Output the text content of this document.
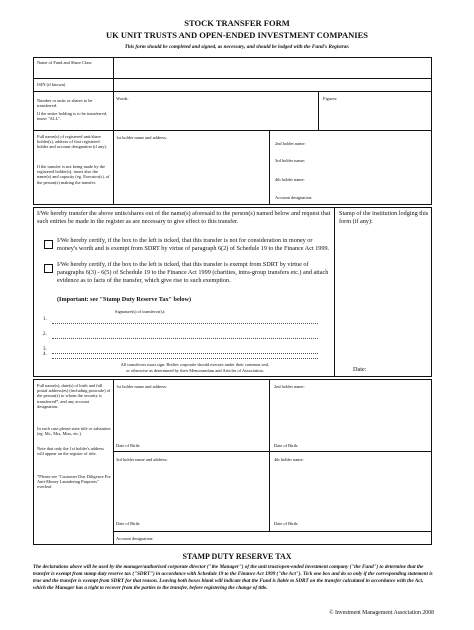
STOCK TRANSFER FORM
UK UNIT TRUSTS AND OPEN-ENDED INVESTMENT COMPANIES
This form should be completed and signed, as necessary, and should be lodged with the Fund's Registrar.
Name of Fund and Share Class
ISIN (if known)
Number or units or shares to be transferred.
If the entire holding is to be transferred, insert "ALL".
Words:	Figures:
Full name(s) of registered unit/share holder(s), address of first registered holder and account designation (if any).
If the transfer is not being made by the registered holder(s), insert also the name(s) and capacity (eg. Executor(s), of the person(s) making the transfer.
1st holder name and address:
2nd holder name:
3rd holder name:
4th holder name:
Account designation:
I/We hereby transfer the above units/shares out of the name(s) aforesaid to the person(s) named below and request that such entries be made in the register as are necessary to give effect to this transfer.
I/We hereby certify, if the box to the left is ticked, that this transfer is not for consideration in money or money's worth and is exempt from SDRT by virtue of paragraph 6(2) of Schedule 19 to the Finance Act 1999.
I/We hereby certify, if the box to the left is ticked, that this transfer is exempt from SDRT by virtue of paragraphs 6(3) - 6(5) of Schedule 19 to the Finance Act 1999 (charities, intra-group transfers etc.) and attach evidence as to facts of the transfer, which give rise to such exemption.
(Important: see "Stamp Duty Reserve Tax" below)
Signature(s) of transferor(s):
1.
2.
3.
4.
All transferors must sign. Bodies corporate should execute under their common seal,
or otherwise as determined by their Memorandum and Articles of Association.
Stamp of the institution lodging this form (if any):
Date:
Full name(s), date(s) of birth and full postal address(es) (including postcode) of the person(s) to whom the security is transferred*, and any account designation.
In each case please state title or salutation (eg. Mr., Mrs, Miss, etc.).
Note that only the 1st holder's address will appear on the register of title.
*Please see "Customer Due Diligence For Anti-Money Laundering Purposes" overleaf.
1st holder name and address:
Date of Birth:
2nd holder name:
Date of Birth:
3rd holder name and address:
Date of Birth:
4th holder name:
Date of Birth:
Account designation:
STAMP DUTY RESERVE TAX
The declarations above will be used by the manager/authorised corporate director ("the Manager") of the unit trust/open-ended investment company ("the Fund") to determine that the transfer is exempt from stamp duty reserve tax ("SDRT") in accordance with Schedule 19 to the Finance Act 1999 ("the Act"). Tick one box and do so only if the corresponding statement is true and the transfer is exempt from SDRT for that reason. Leaving both boxes blank will indicate that the Fund is liable to SDRT on the transfer calculated in accordance with the Act, which the Manager has a right to recover from the parties to the transfer, before registering the change of title.
© Investment Management Association 2008
